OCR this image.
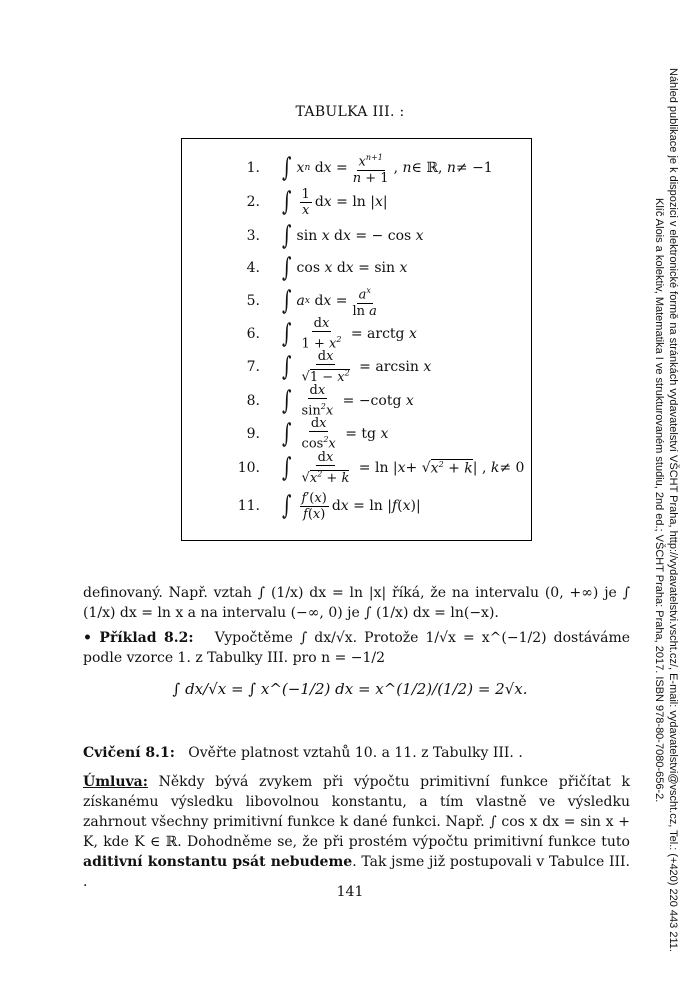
TABULKA III. :
1. ∫ x n
d $x = \frac{x^{n+1}}{n + 1}$ , n ∈ ℝ, n ≠ −1
2. ∫ $\frac{1}{x}$ d x = ln | x |
3. ∫ sin x d x = − cos x
4. ∫ cos x d x = sin x
5. ∫ a x
d $x = \frac{a^x}{\text{ln a}}$
6. ∫ $\frac{dx}{1 + x^2}$ = arctg x
7. ∫ $\frac{dx}{√1 - x^2} = \arcsin x$
8. ∫ $\frac{dx}{\sin^2x} = -\cot g$ x
9. ∫ $\frac{dx}{\cos^2x}$ = tg x
10. ∫ $\frac{dx}{√x^2 + k} = \ln$ | x + √ $x^2 + k$ | , k ≠ 0
11. ∫ $\frac{f'(x)}{f(x)}$ d x = ln | f ( x )|
definovaný. Např. vztah ∫ (1/x) dx = ln |x| říká, že na intervalu (0, +∞) je ∫ (1/x) dx = ln x a na intervalu (−∞, 0) je ∫ (1/x) dx = ln(−x).
• Příklad 8.2: Vypočtěme ∫ dx/√x. Protože 1/√x = x^(−1/2) dostáváme podle vzorce 1. z Tabulky III. pro n = −1/2
∫ dx/√x = ∫ x^(−1/2) dx = x^(1/2)/(1/2) = 2√x.
Cvičení 8.1: Ověřte platnost vztahů 10. a 11. z Tabulky III. .
Úmluva: Někdy bývá zvykem při výpočtu primitivní funkce přičítat k získanému výsledku libovolnou konstantu, a tím vlastně ve výsledku zahrnout všechny primitivní funkce k dané funkci. Např. ∫ cos x dx = sin x + K, kde K ∈ ℝ. Dohodněme se, že při prostém výpočtu primitivní funkce tuto aditivní konstantu psát nebudeme. Tak jsme již postupovali v Tabulce III. .
141	Náhled publikace je k dispozici v elektronické formě na stránkách vydavatelství VŠCHT Praha, http://vydavatelstvi.vscht.cz/, E-mail: vydavatelstvi@vscht.cz, Tel.: (+420) 220 443 211.
Klíč Alois a kolektiv, Matematika I ve strukturovaném studiu, 2nd ed.; VŠCHT Praha: Praha, 2017. ISBN 978-80-7080-656-2.
